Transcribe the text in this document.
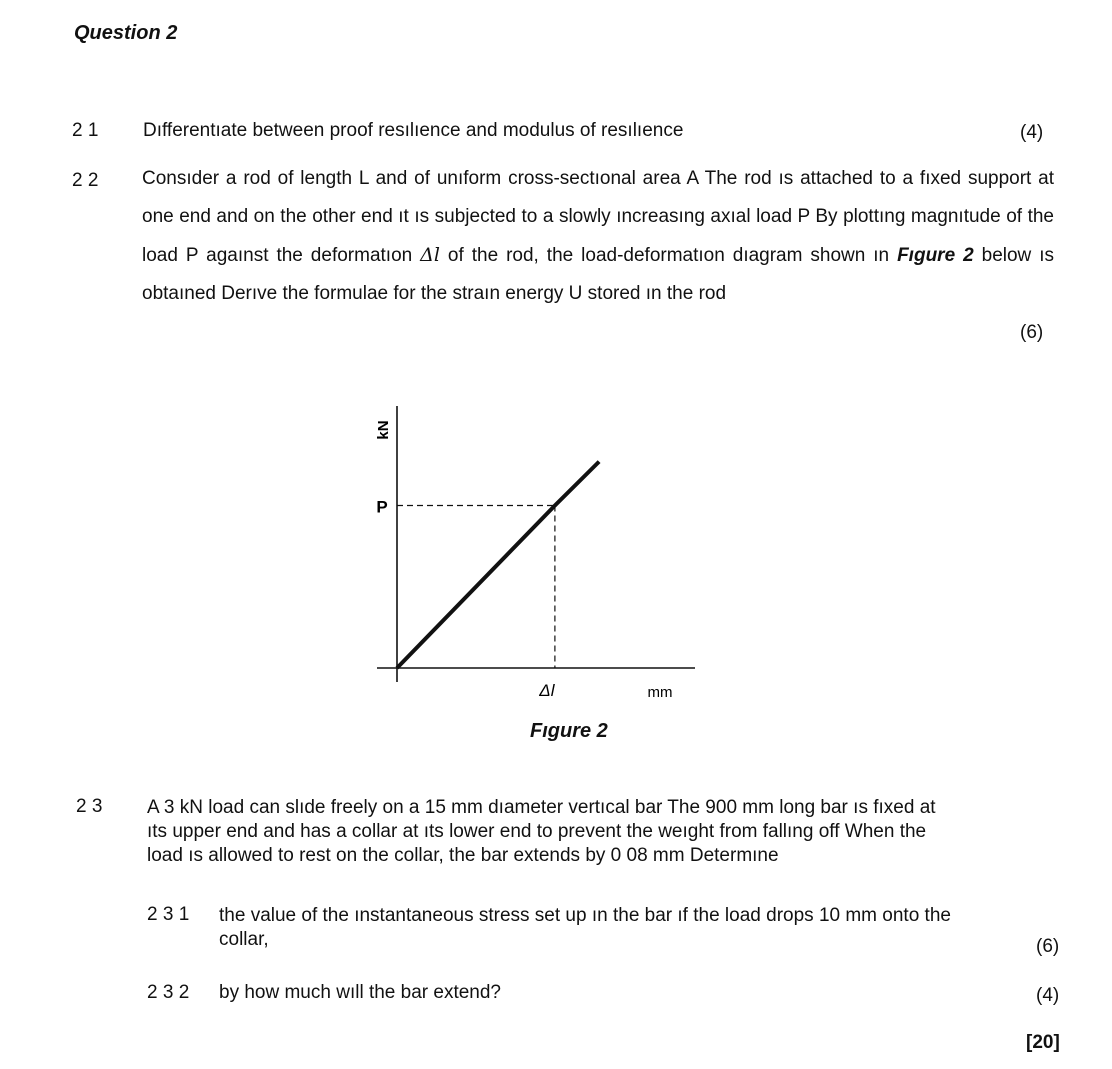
Question 2
2 1 Dıfferentıate between proof resılıence and modulus of resılıence	(4)
2 2 Consıder a rod of length L and of unıform cross-sectıonal area A The rod ıs attached to a fıxed support at one end and on the other end ıt ıs subjected to a slowly ıncreasıng axıal load P By plottıng magnıtude of the load P agaınst the deformatıon Δl of the rod, the load-deformatıon dıagram shown ın Fıgure 2 below ıs obtaıned Derıve the formulae for the straın energy U stored ın the rod
(6)
kN
mm
P
Δl
Fıgure 2
2 3 A 3 kN load can slıde freely on a 15 mm dıameter vertıcal bar The 900 mm long bar ıs fıxed at
ıts upper end and has a collar at ıts lower end to prevent the weıght from fallıng off When the
load ıs allowed to rest on the collar, the bar extends by 0 08 mm Determıne
2 3 1 the value of the ınstantaneous stress set up ın the bar ıf the load drops 10 mm onto the
collar,	(6)
2 3 2 by how much wıll the bar extend?	(4)
[20]
